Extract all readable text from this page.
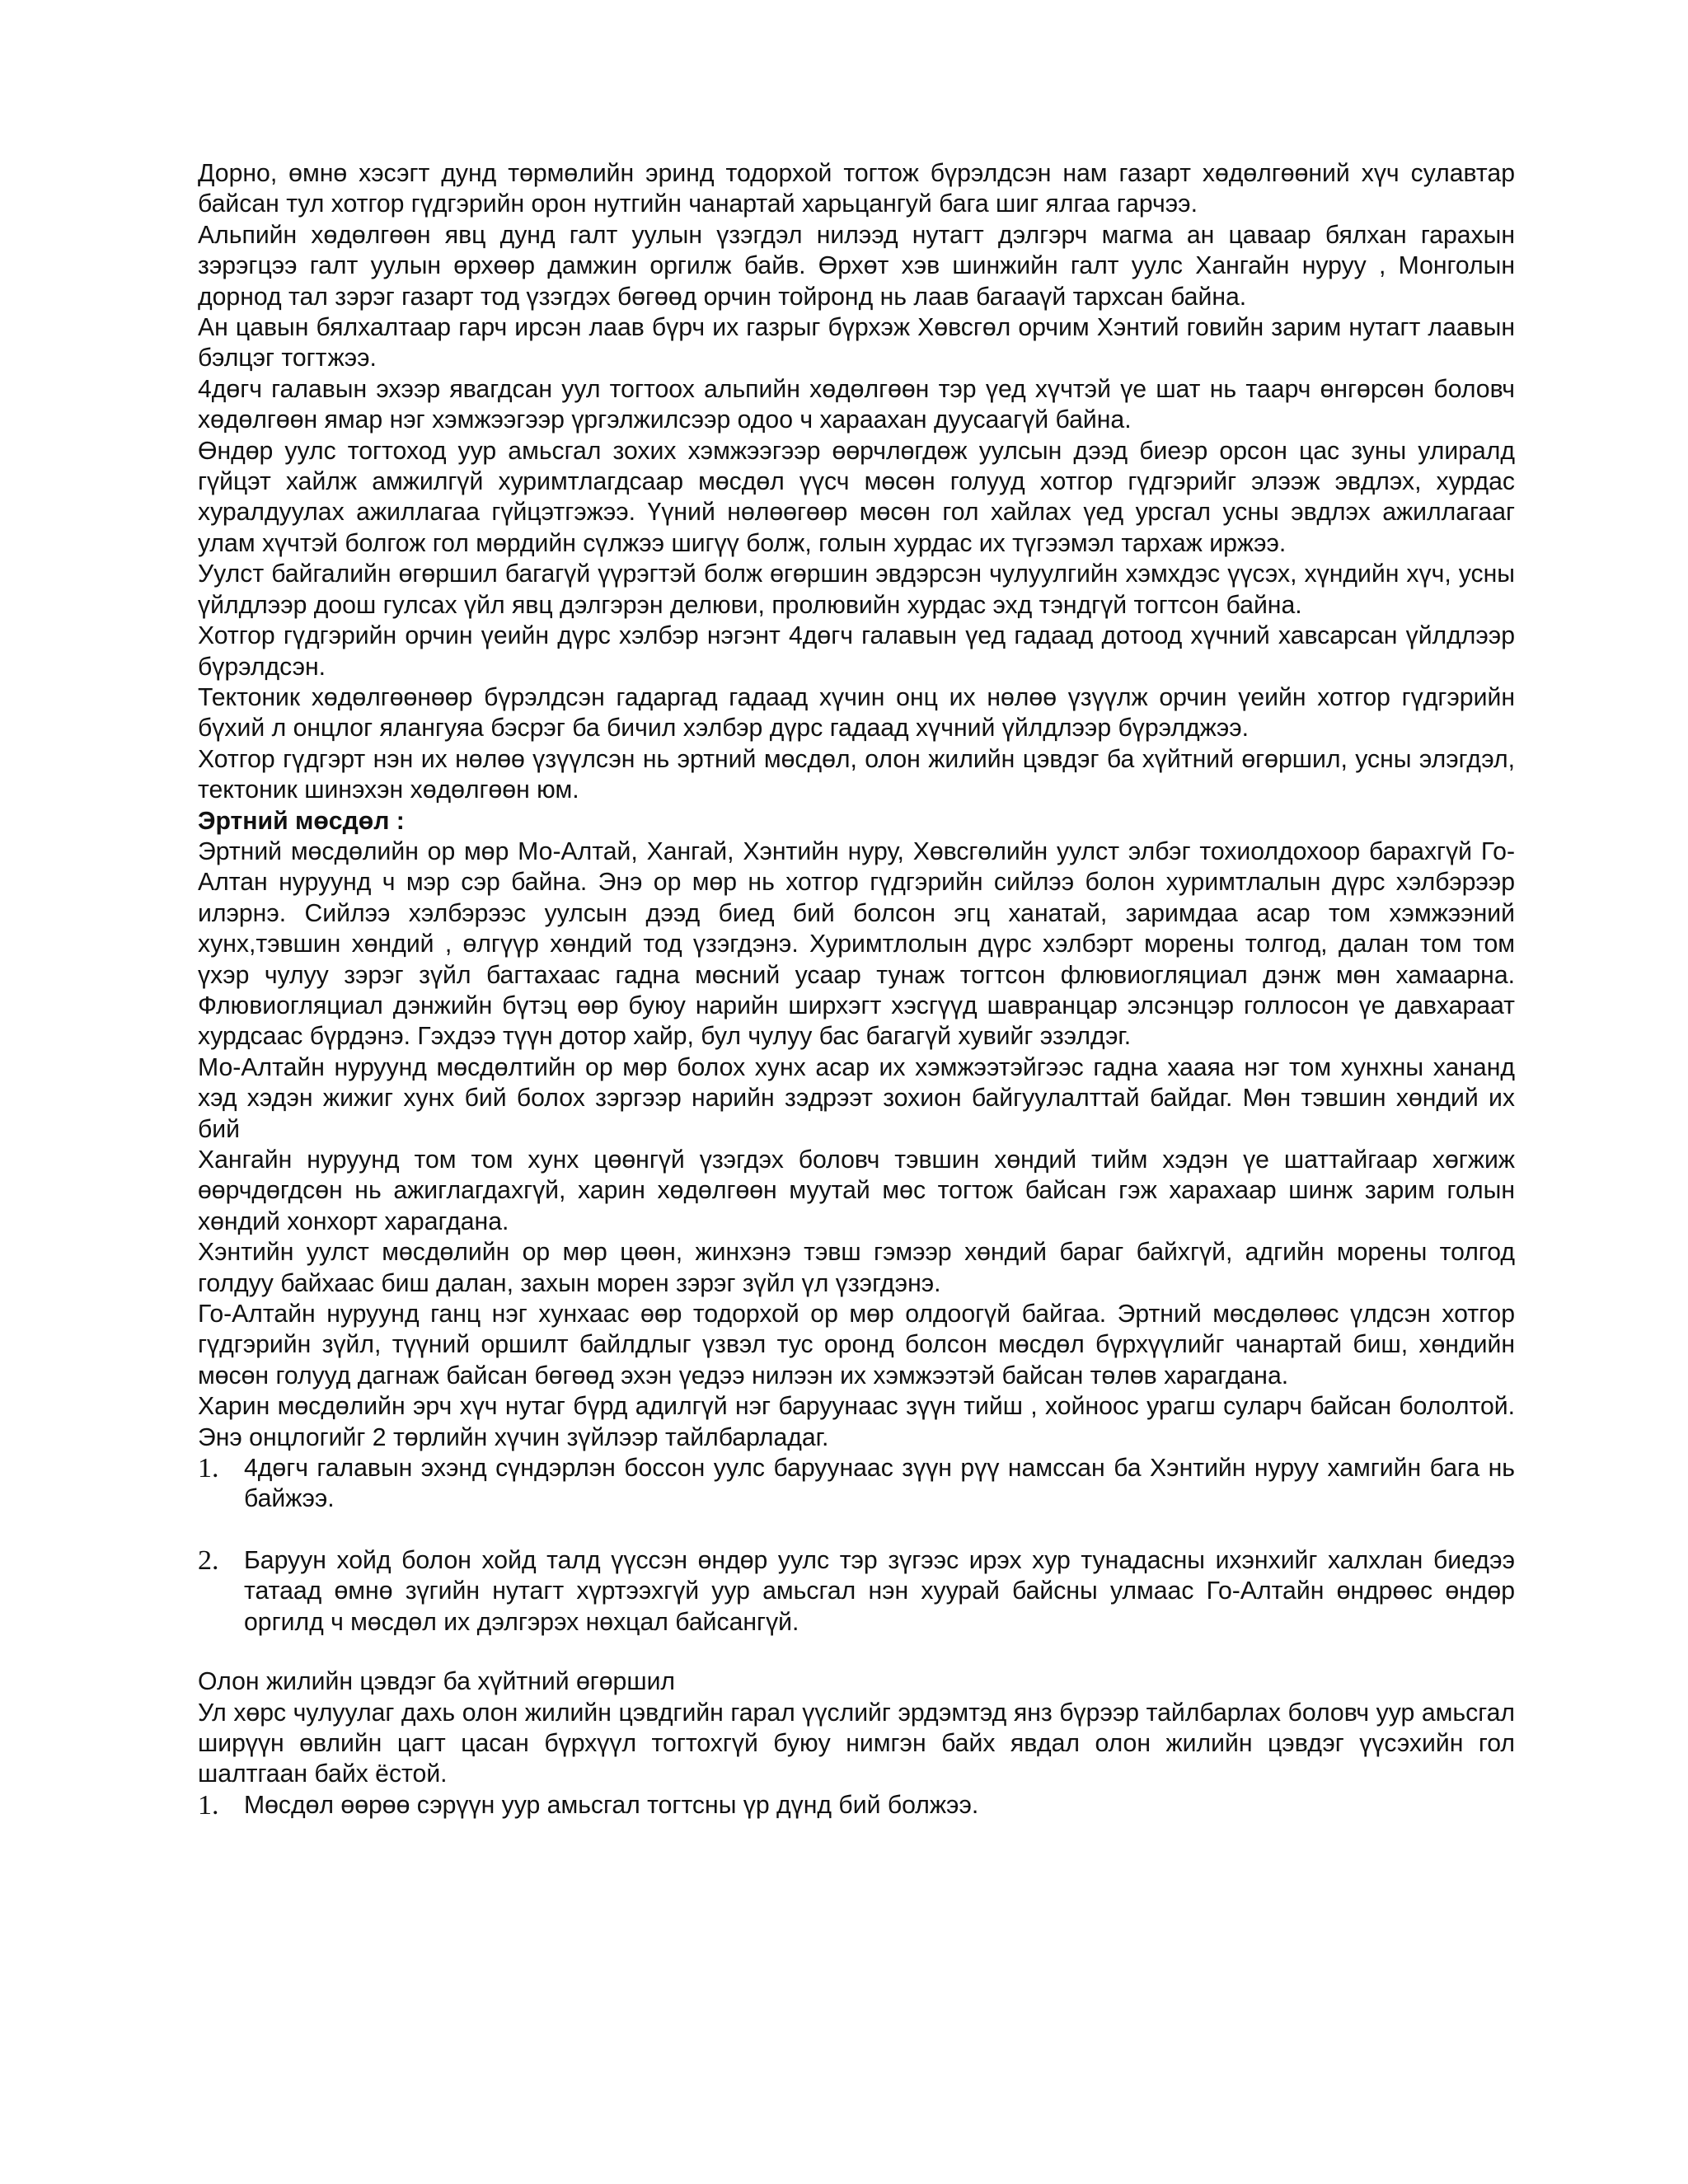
Дорно, өмнө хэсэгт дунд төрмөлийн эринд тодорхой тогтож бүрэлдсэн нам газарт хөдөлгөөний хүч сулавтар байсан тул хотгор гүдгэрийн орон нутгийн чанартай харьцангуй бага шиг ялгаа гарчээ.

Альпийн хөдөлгөөн явц дунд галт уулын үзэгдэл нилээд нутагт дэлгэрч магма ан цаваар бялхан гарахын зэрэгцээ галт уулын өрхөөр дамжин оргилж байв. Өрхөт хэв шинжийн галт уулс Хангайн нуруу , Монголын дорнод тал зэрэг газарт тод үзэгдэх бөгөөд орчин тойронд нь лаав багааүй тархсан байна.

Ан цавын бялхалтаар гарч ирсэн лаав бүрч их газрыг бүрхэж Хөвсгөл орчим Хэнтий говийн зарим нутагт лаавын бэлцэг тогтжээ.

4дөгч галавын эхээр явагдсан уул тогтоох альпийн хөдөлгөөн тэр үед хүчтэй үе шат нь таарч өнгөрсөн боловч хөдөлгөөн ямар нэг хэмжээгээр үргэлжилсээр одоо ч харaахан дуусаагүй байна.

Өндөр уулс тогтоход уур амьсгал зохих хэмжээгээр өөрчлөгдөж уулсын дээд биеэр орсон цас зуны улиралд гүйцэт хайлж амжилгүй хуримтлагдсаар мөсдөл үүсч мөсөн голууд хотгор гүдгэрийг элээж эвдлэх, хурдас хуралдуулах ажиллагаа гүйцэтгэжээ. Үүний нөлөөгөөр мөсөн гол хайлах үед урсгал усны эвдлэх ажиллагааг улам хүчтэй болгож гол мөрдийн сүлжээ шигүү болж, голын хурдас их түгээмэл тархаж иржээ.

Уулст байгалийн өгөршил багагүй үүрэгтэй болж өгөршин эвдэрсэн чулуулгийн хэмхдэс үүсэх, хүндийн хүч, усны үйлдлээр доош гулсах үйл явц дэлгэрэн делюви, пролювийн хурдас эхд тэндгүй тогтсон байна.

Хотгор гүдгэрийн орчин үеийн дүрс хэлбэр нэгэнт 4дөгч галавын үед гадаад дотоод хүчний хавсарсан үйлдлээр бүрэлдсэн.

Тектоник хөдөлгөөнөөр бүрэлдсэн гадаргад гадаад хүчин онц их нөлөө үзүүлж орчин үеийн хотгор гүдгэрийн бүхий л онцлог ялангуяа бэсрэг ба бичил хэлбэр дүрс гадаад хүчний үйлдлээр бүрэлджээ.

Хотгор гүдгэрт нэн их нөлөө үзүүлсэн нь эртний мөсдөл, олон жилийн цэвдэг ба хүйтний өгөршил, усны элэгдэл, тектоник шинэхэн хөдөлгөөн юм.

Эртний мөсдөл :

Эртний мөсдөлийн ор мөр Мо-Алтай, Хангай, Хэнтийн нуру, Хөвсгөлийн уулст элбэг тохиолдохоор барахгүй Го-Алтан нуруунд ч мэр сэр байна. Энэ ор мөр нь хотгор гүдгэрийн сийлээ болон хуримтлалын дүрс хэлбэрээр илэрнэ. Сийлээ хэлбэрээс уулсын дээд биед бий болсон эгц ханатай, заримдаа асар том хэмжээний хунх,тэвшин хөндий , өлгүүр хөндий тод үзэгдэнэ. Хуримтлолын дүрс хэлбэрт морены толгод, далан том том үхэр чулуу зэрэг зүйл багтахаас гадна мөсний усаар тунаж тогтсон флювиогляциал дэнж мөн хамаарна. Флювиогляциал дэнжийн бүтэц өөр буюу нарийн ширхэгт хэсгүүд шавранцар элсэнцэр голлосон үе давхараат хурдсаас бүрдэнэ. Гэхдээ түүн дотор хайр, бул чулуу бас багагүй хувийг эзэлдэг.

Мо-Алтайн нуруунд мөсдөлтийн ор мөр болох хунх асар их хэмжээтэйгээс гадна хааяа нэг том хунхны хананд хэд хэдэн жижиг хунх бий болох зэргээр нарийн зэдрээт зохион байгуулалттай байдаг. Мөн тэвшин хөндий их бий

Хангайн нуруунд том том хунх цөөнгүй үзэгдэх боловч тэвшин хөндий тийм хэдэн үе шаттайгаар хөгжиж өөрчдөгдсөн нь ажиглагдахгүй, харин хөдөлгөөн муутай мөс тогтож байсан гэж харахаар шинж зарим голын хөндий хонхорт харагдана.

Хэнтийн уулст мөсдөлийн ор мөр цөөн, жинхэнэ тэвш гэмээр хөндий бараг байхгүй, адгийн морены толгод голдуу байхаас биш далан, захын морен зэрэг зүйл үл үзэгдэнэ.

Го-Алтайн нуруунд ганц нэг хунхаас өөр тодорхой ор мөр олдоогүй байгаа. Эртний мөсдөлөөс үлдсэн хотгор гүдгэрийн зүйл, түүний оршилт байлдлыг үзвэл тус оронд болсон мөсдөл бүрхүүлийг чанартай биш, хөндийн мөсөн голууд дагнаж байсан бөгөөд эхэн үедээ нилээн их хэмжээтэй байсан төлөв харагдана.

Харин мөсдөлийн эрч хүч нутаг бүрд адилгүй нэг баруунаас зүүн тийш , хойноос урагш суларч байсан бололтой. Энэ онцлогийг 2 төрлийн хүчин зүйлээр тайлбарладаг.

1.	4дөгч галавын эхэнд сүндэрлэн боссон уулс баруунаас зүүн рүү намссан ба Хэнтийн нуруу хамгийн бага нь байжээ.
2.	Баруун хойд болон хойд талд үүссэн өндөр уулс тэр зүгээс ирэх хур тунадасны ихэнхийг халхлан биедээ татаад өмнө зүгийн нутагт хүртээхгүй уур амьсгал нэн хуурай байсны улмаас Го-Алтайн өндрөөс өндөр оргилд ч мөсдөл их дэлгэрэх нөхцал байсангүй.

Олон жилийн цэвдэг ба хүйтний өгөршил

Ул хөрс чулуулаг дахь олон жилийн цэвдгийн гарал үүслийг эрдэмтэд янз бүрээр тайлбарлах боловч уур амьсгал ширүүн өвлийн цагт цасан бүрхүүл тогтохгүй буюу нимгэн байх явдал олон жилийн цэвдэг үүсэхийн гол шалтгаан байх ёстой.

1.	Мөсдөл өөрөө сэрүүн уур амьсгал тогтсны үр дүнд бий болжээ.
